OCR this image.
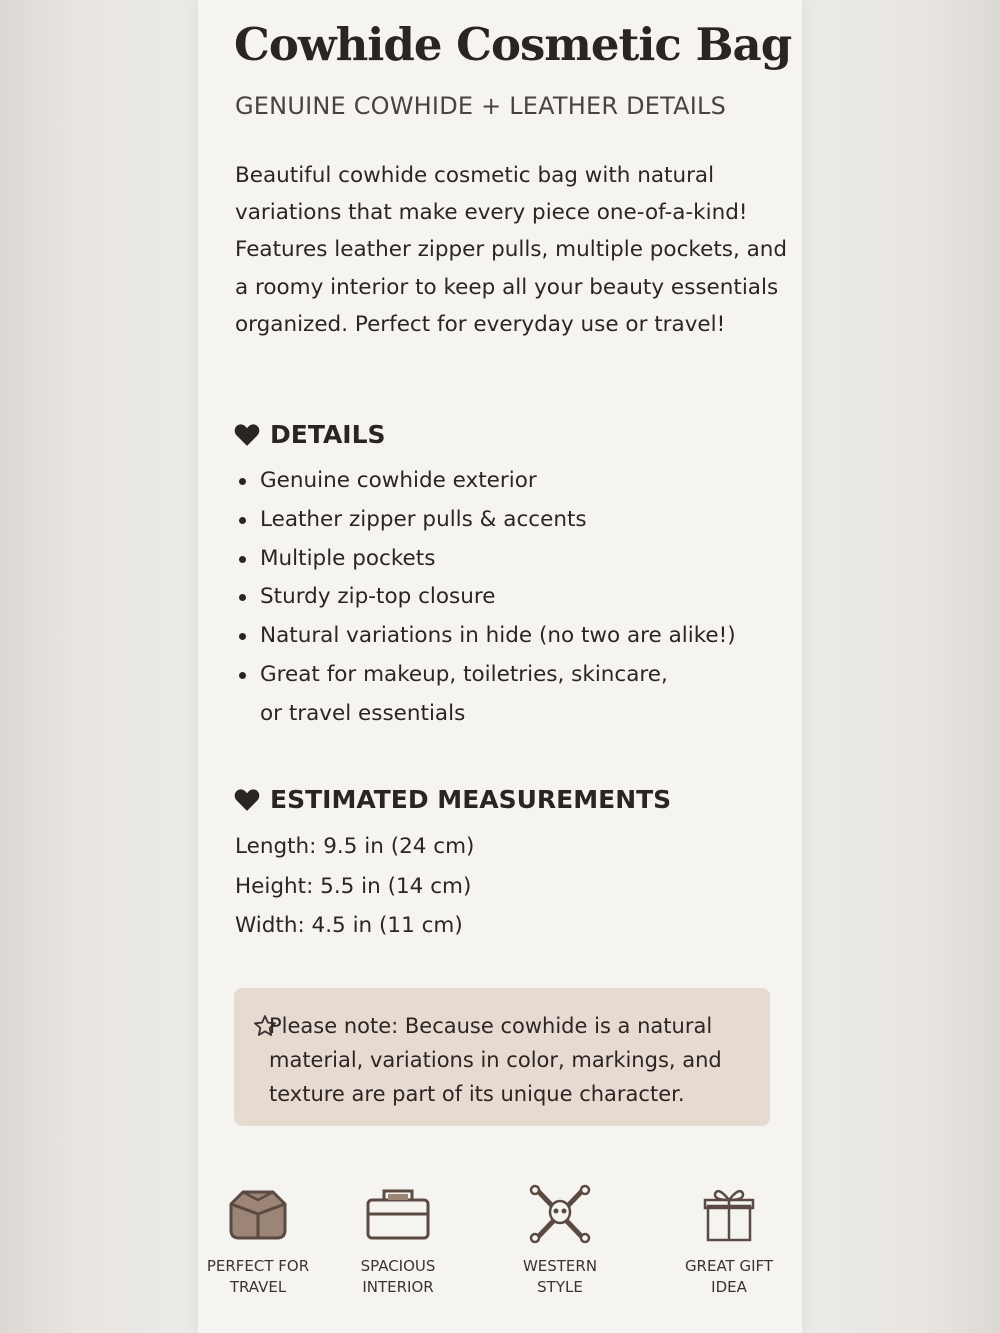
Cowhide Cosmetic Bag
GENUINE COWHIDE + LEATHER DETAILS

Beautiful cowhide cosmetic bag with natural variations that make every piece one-of-a-kind! Features leather zipper pulls, multiple pockets, and a roomy interior to keep all your beauty essentials organized. Perfect for everyday use or travel!

DETAILS
Genuine cowhide exterior
Leather zipper pulls & accents
Multiple pockets
Sturdy zip-top closure
Natural variations in hide (no two are alike!)
Great for makeup, toiletries, skincare, or travel essentials
ESTIMATED MEASUREMENTS
Length: 9.5 in (24 cm)
Height: 5.5 in (14 cm)
Width: 4.5 in (11 cm)

Please note: Because cowhide is a natural material, variations in color, markings, and texture are part of its unique character.

PERFECT FOR
TRAVEL
SPACIOUS
INTERIOR
WESTERN
STYLE
GREAT GIFT
IDEA
